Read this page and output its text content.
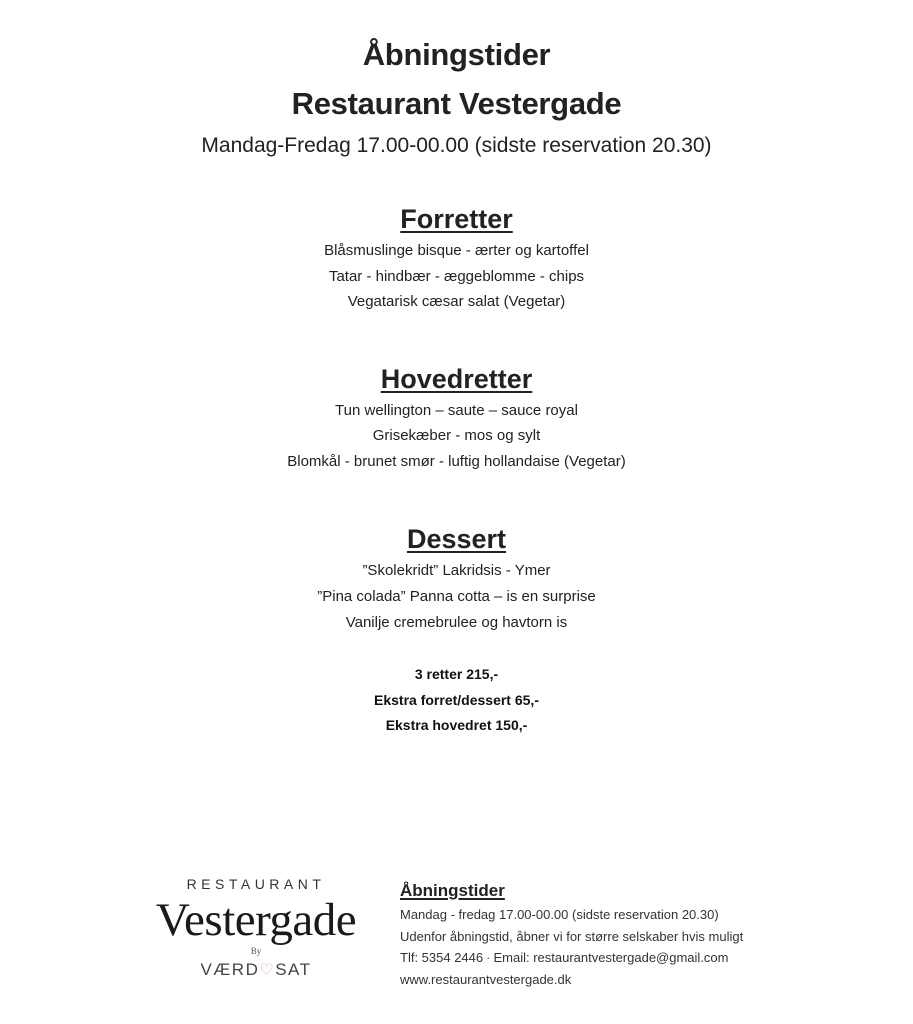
Åbningstider
Restaurant Vestergade
Mandag-Fredag 17.00-00.00 (sidste reservation 20.30)
Forretter
Blåsmuslinge bisque - ærter og kartoffel
Tatar - hindbær - æggeblomme - chips
Vegatarisk cæsar salat (Vegetar)
Hovedretter
Tun wellington – saute – sauce royal
Grisekæber - mos og sylt
Blomkål - brunet smør - luftig hollandaise (Vegetar)
Dessert
”Skolekridt” Lakridsis - Ymer
”Pina colada” Panna cotta – is en surprise
Vanilje cremebrulee og havtorn is
3 retter 215,-
Ekstra forret/dessert 65,-
Ekstra hovedret 150,-
RESTAURANT
Vestergade
By
VÆRD♡SAT
Åbningstider
Mandag - fredag 17.00-00.00 (sidste reservation 20.30)
Udenfor åbningstid, åbner vi for større selskaber hvis muligt
Tlf: 5354 2446 · Email: restaurantvestergade@gmail.com
www.restaurantvestergade.dk
